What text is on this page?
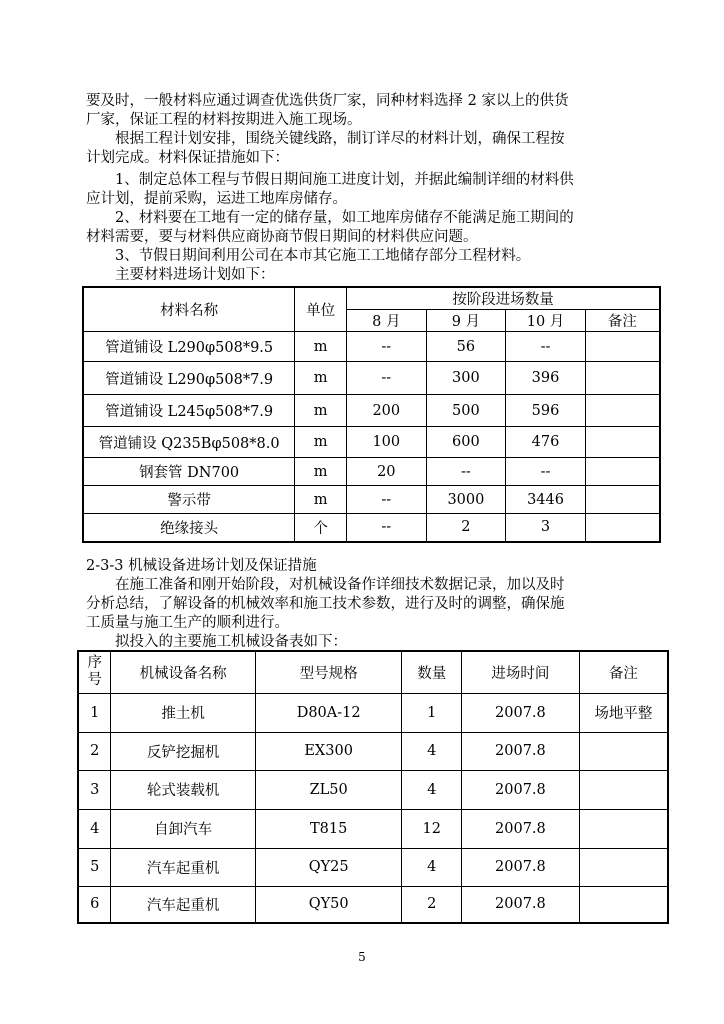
要及时，一般材料应通过调查优选供货厂家，同种材料选择 2 家以上的供货
厂家，保证工程的材料按期进入施工现场。
根据工程计划安排，围绕关键线路，制订详尽的材料计划，确保工程按
计划完成。材料保证措施如下：
1、制定总体工程与节假日期间施工进度计划，并据此编制详细的材料供
应计划，提前采购，运进工地库房储存。
2、材料要在工地有一定的储存量，如工地库房储存不能满足施工期间的
材料需要，要与材料供应商协商节假日期间的材料供应问题。
3、节假日期间利用公司在本市其它施工工地储存部分工程材料。
主要材料进场计划如下：
材料名称	单位	按阶段进场数量			
		8 月	9 月	10 月	备注
管道铺设 L290φ508*9.5	m	--	56	--	
管道铺设 L290φ508*7.9	m	--	300	396	
管道铺设 L245φ508*7.9	m	200	500	596	
管道铺设 Q235Bφ508*8.0	m	100	600	476	
钢套管 DN700	m	20	--	--	
警示带	m	--	3000	3446	
绝缘接头	个	--	2	3	
2-3-3 机械设备进场计划及保证措施
在施工准备和刚开始阶段，对机械设备作详细技术数据记录，加以及时
分析总结，了解设备的机械效率和施工技术参数，进行及时的调整，确保施
工质量与施工生产的顺利进行。
拟投入的主要施工机械设备表如下：
序
号	机械设备名称	型号规格	数量	进场时间	备注
1	推土机	D80A-12	1	2007.8	场地平整
2	反铲挖掘机	EX300	4	2007.8	
3	轮式装载机	ZL50	4	2007.8	
4	自卸汽车	T815	12	2007.8	
5	汽车起重机	QY25	4	2007.8	
6	汽车起重机	QY50	2	2007.8	
5
